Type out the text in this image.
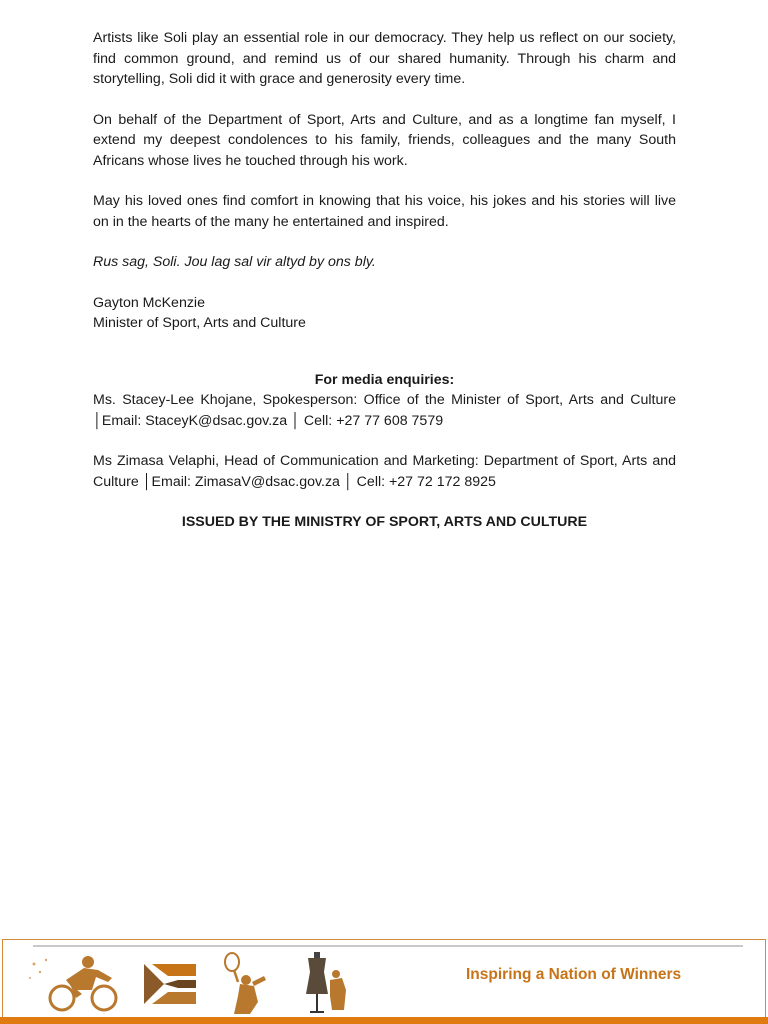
Artists like Soli play an essential role in our democracy. They help us reflect on our society, find common ground, and remind us of our shared humanity. Through his charm and storytelling, Soli did it with grace and generosity every time.

On behalf of the Department of Sport, Arts and Culture, and as a longtime fan myself, I extend my deepest condolences to his family, friends, colleagues and the many South Africans whose lives he touched through his work.

May his loved ones find comfort in knowing that his voice, his jokes and his stories will live on in the hearts of the many he entertained and inspired.

Rus sag, Soli. Jou lag sal vir altyd by ons bly.

Gayton McKenzie

Minister of Sport, Arts and Culture

For media enquiries:

Ms. Stacey-Lee Khojane, Spokesperson: Office of the Minister of Sport, Arts and Culture │Email: StaceyK@dsac.gov.za │ Cell: +27 77 608 7579

Ms Zimasa Velaphi, Head of Communication and Marketing: Department of Sport, Arts and Culture │Email: ZimasaV@dsac.gov.za │ Cell: +27 72 172 8925

ISSUED BY THE MINISTRY OF SPORT, ARTS AND CULTURE

Inspiring a Nation of Winners
